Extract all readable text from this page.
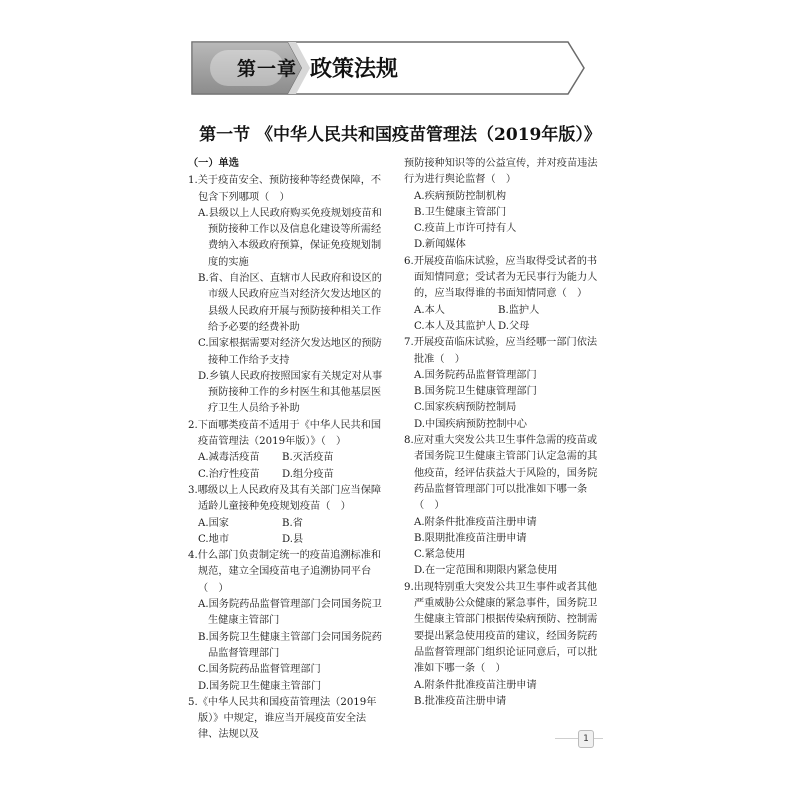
第一章 政策法规
第一节 《中华人民共和国疫苗管理法（2019年版）》
（一）单选
1.关于疫苗安全、预防接种等经费保障，不包含下列哪项（　）
A.县级以上人民政府购买免疫规划疫苗和预防接种工作以及信息化建设等所需经费纳入本级政府预算，保证免疫规划制度的实施
B.省、自治区、直辖市人民政府和设区的市级人民政府应当对经济欠发达地区的县级人民政府开展与预防接种相关工作给予必要的经费补助
C.国家根据需要对经济欠发达地区的预防接种工作给予支持
D.乡镇人民政府按照国家有关规定对从事预防接种工作的乡村医生和其他基层医疗卫生人员给予补助
2.下面哪类疫苗不适用于《中华人民共和国疫苗管理法（2019年版）》（　）
A.减毒活疫苗	B.灭活疫苗
C.治疗性疫苗	D.组分疫苗
3.哪级以上人民政府及其有关部门应当保障适龄儿童接种免疫规划疫苗（　）
A.国家	B.省
C.地市	D.县
4.什么部门负责制定统一的疫苗追溯标准和规范，建立全国疫苗电子追溯协同平台（　）
A.国务院药品监督管理部门会同国务院卫生健康主管部门
B.国务院卫生健康主管部门会同国务院药品监督管理部门
C.国务院药品监督管理部门
D.国务院卫生健康主管部门
5.《中华人民共和国疫苗管理法（2019年版）》中规定，谁应当开展疫苗安全法律、法规以及
预防接种知识等的公益宣传，并对疫苗违法行为进行舆论监督（　）
A.疾病预防控制机构
B.卫生健康主管部门
C.疫苗上市许可持有人
D.新闻媒体
6.开展疫苗临床试验，应当取得受试者的书面知情同意；受试者为无民事行为能力人的，应当取得谁的书面知情同意（　）
A.本人	B.监护人
C.本人及其监护人 D.父母
7.开展疫苗临床试验，应当经哪一部门依法批准（　）
A.国务院药品监督管理部门
B.国务院卫生健康管理部门
C.国家疾病预防控制局
D.中国疾病预防控制中心
8.应对重大突发公共卫生事件急需的疫苗或者国务院卫生健康主管部门认定急需的其他疫苗，经评估获益大于风险的，国务院药品监督管理部门可以批准如下哪一条（　）
A.附条件批准疫苗注册申请
B.限期批准疫苗注册申请
C.紧急使用
D.在一定范围和期限内紧急使用
9.出现特别重大突发公共卫生事件或者其他严重威胁公众健康的紧急事件，国务院卫生健康主管部门根据传染病预防、控制需要提出紧急使用疫苗的建议，经国务院药品监督管理部门组织论证同意后，可以批准如下哪一条（　）
A.附条件批准疫苗注册申请
B.批准疫苗注册申请
1
